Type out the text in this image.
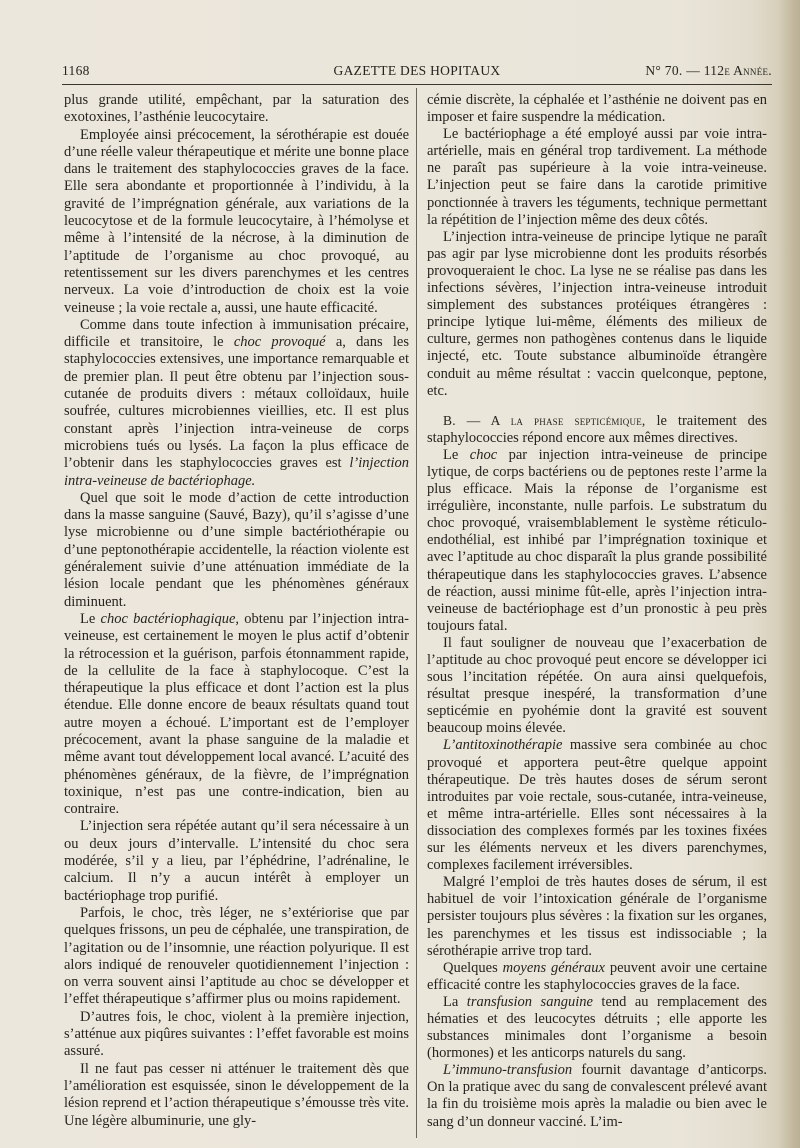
1168	GAZETTE DES HOPITAUX	N° 70. — 112e Année.

plus grande utilité, empêchant, par la saturation des exotoxines, l’asthénie leucocytaire.

Employée ainsi précocement, la sérothérapie est douée d’une réelle valeur thérapeutique et mérite une bonne place dans le traitement des staphylococcies graves de la face. Elle sera abondante et proportionnée à l’individu, à la gravité de l’imprégnation générale, aux variations de la leucocytose et de la formule leucocytaire, à l’hémolyse et même à l’intensité de la nécrose, à la diminution de l’aptitude de l’organisme au choc provoqué, au retentissement sur les divers parenchymes et les centres nerveux. La voie d’introduction de choix est la voie veineuse ; la voie rectale a, aussi, une haute efficacité.

Comme dans toute infection à immunisation précaire, difficile et transitoire, le choc provoqué a, dans les staphylococcies extensives, une importance remarquable et de premier plan. Il peut être obtenu par l’injection sous-cutanée de produits divers : métaux colloïdaux, huile soufrée, cultures microbiennes vieillies, etc. Il est plus constant après l’injection intra-veineuse de corps microbiens tués ou lysés. La façon la plus efficace de l’obtenir dans les staphylococcies graves est l’injection intra-veineuse de bactériophage.

Quel que soit le mode d’action de cette introduction dans la masse sanguine (Sauvé, Bazy), qu’il s’agisse d’une lyse microbienne ou d’une simple bactériothérapie ou d’une peptonothérapie accidentelle, la réaction violente est généralement suivie d’une atténuation immédiate de la lésion locale pendant que les phénomènes généraux diminuent.

Le choc bactériophagique, obtenu par l’injection intra-veineuse, est certainement le moyen le plus actif d’obtenir la rétrocession et la guérison, parfois étonnamment rapide, de la cellulite de la face à staphylocoque. C’est la thérapeutique la plus efficace et dont l’action est la plus étendue. Elle donne encore de beaux résultats quand tout autre moyen a échoué. L’important est de l’employer précocement, avant la phase sanguine de la maladie et même avant tout développement local avancé. L’acuité des phénomènes généraux, de la fièvre, de l’imprégnation toxinique, n’est pas une contre-indication, bien au contraire.

L’injection sera répétée autant qu’il sera nécessaire à un ou deux jours d’intervalle. L’intensité du choc sera modérée, s’il y a lieu, par l’éphédrine, l’adrénaline, le calcium. Il n’y a aucun intérêt à employer un bactériophage trop purifié.

Parfois, le choc, très léger, ne s’extériorise que par quelques frissons, un peu de céphalée, une transpiration, de l’agitation ou de l’insomnie, une réaction polyurique. Il est alors indiqué de renouveler quotidiennement l’injection : on verra souvent ainsi l’aptitude au choc se développer et l’effet thérapeutique s’affirmer plus ou moins rapidement.

D’autres fois, le choc, violent à la première injection, s’atténue aux piqûres suivantes : l’effet favorable est moins assuré.

Il ne faut pas cesser ni atténuer le traitement dès que l’amélioration est esquissée, sinon le développement de la lésion reprend et l’action thérapeutique s’émousse très vite. Une légère albuminurie, une gly-

cémie discrète, la céphalée et l’asthénie ne doivent pas en imposer et faire suspendre la médication.

Le bactériophage a été employé aussi par voie intra-artérielle, mais en général trop tardivement. La méthode ne paraît pas supérieure à la voie intra-veineuse. L’injection peut se faire dans la carotide primitive ponctionnée à travers les téguments, technique permettant la répétition de l’injection même des deux côtés.

L’injection intra-veineuse de principe lytique ne paraît pas agir par lyse microbienne dont les produits résorbés provoqueraient le choc. La lyse ne se réalise pas dans les infections sévères, l’injection intra-veineuse introduit simplement des substances protéiques étrangères : principe lytique lui-même, éléments des milieux de culture, germes non pathogènes contenus dans le liquide injecté, etc. Toute substance albuminoïde étrangère conduit au même résultat : vaccin quelconque, peptone, etc.

B. — A la phase septicémique, le traitement des staphylococcies répond encore aux mêmes directives.

Le choc par injection intra-veineuse de principe lytique, de corps bactériens ou de peptones reste l’arme la plus efficace. Mais la réponse de l’organisme est irrégulière, inconstante, nulle parfois. Le substratum du choc provoqué, vraisemblablement le système réticulo-endothélial, est inhibé par l’imprégnation toxinique et avec l’aptitude au choc disparaît la plus grande possibilité thérapeutique dans les staphylococcies graves. L’absence de réaction, aussi minime fût-elle, après l’injection intra-veineuse de bactériophage est d’un pronostic à peu près toujours fatal.

Il faut souligner de nouveau que l’exacerbation de l’aptitude au choc provoqué peut encore se développer ici sous l’incitation répétée. On aura ainsi quelquefois, résultat presque inespéré, la transformation d’une septicémie en pyohémie dont la gravité est souvent beaucoup moins élevée.

L’antitoxinothérapie massive sera combinée au choc provoqué et apportera peut-être quelque appoint thérapeutique. De très hautes doses de sérum seront introduites par voie rectale, sous-cutanée, intra-veineuse, et même intra-artérielle. Elles sont nécessaires à la dissociation des complexes formés par les toxines fixées sur les éléments nerveux et les divers parenchymes, complexes facilement irréversibles.

Malgré l’emploi de très hautes doses de sérum, il est habituel de voir l’intoxication générale de l’organisme persister toujours plus sévères : la fixation sur les organes, les parenchymes et les tissus est indissociable ; la sérothérapie arrive trop tard.

Quelques moyens généraux peuvent avoir une certaine efficacité contre les staphylococcies graves de la face.

La transfusion sanguine tend au remplacement des hématies et des leucocytes détruits ; elle apporte les substances minimales dont l’organisme a besoin (hormones) et les anticorps naturels du sang.

L’immuno-transfusion fournit davantage d’anticorps. On la pratique avec du sang de convalescent prélevé avant la fin du troisième mois après la maladie ou bien avec le sang d’un donneur vacciné. L’im-
